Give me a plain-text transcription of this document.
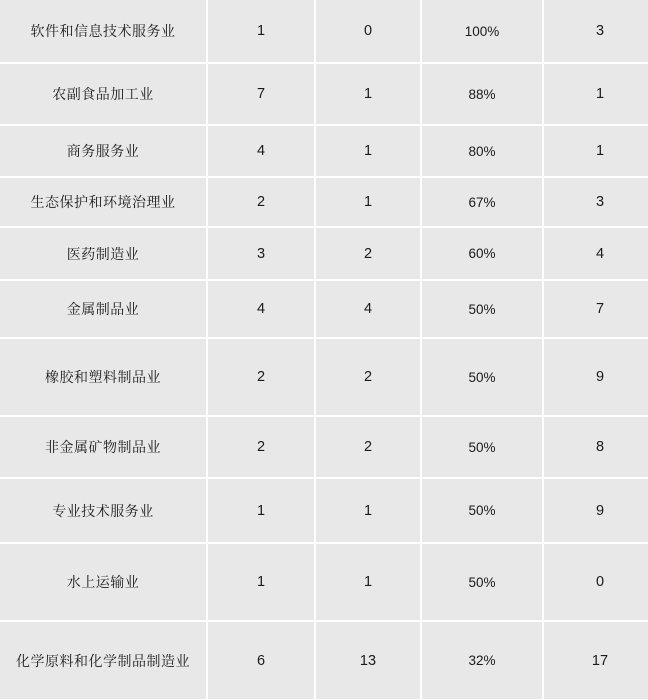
软件和信息技术服务业	1	0	100%	3
农副食品加工业	7	1	88%	1
商务服务业	4	1	80%	1
生态保护和环境治理业	2	1	67%	3
医药制造业	3	2	60%	4
金属制品业	4	4	50%	7
橡胶和塑料制品业	2	2	50%	9
非金属矿物制品业	2	2	50%	8
专业技术服务业	1	1	50%	9
水上运输业	1	1	50%	0
化学原料和化学制品制造业	6	13	32%	17
